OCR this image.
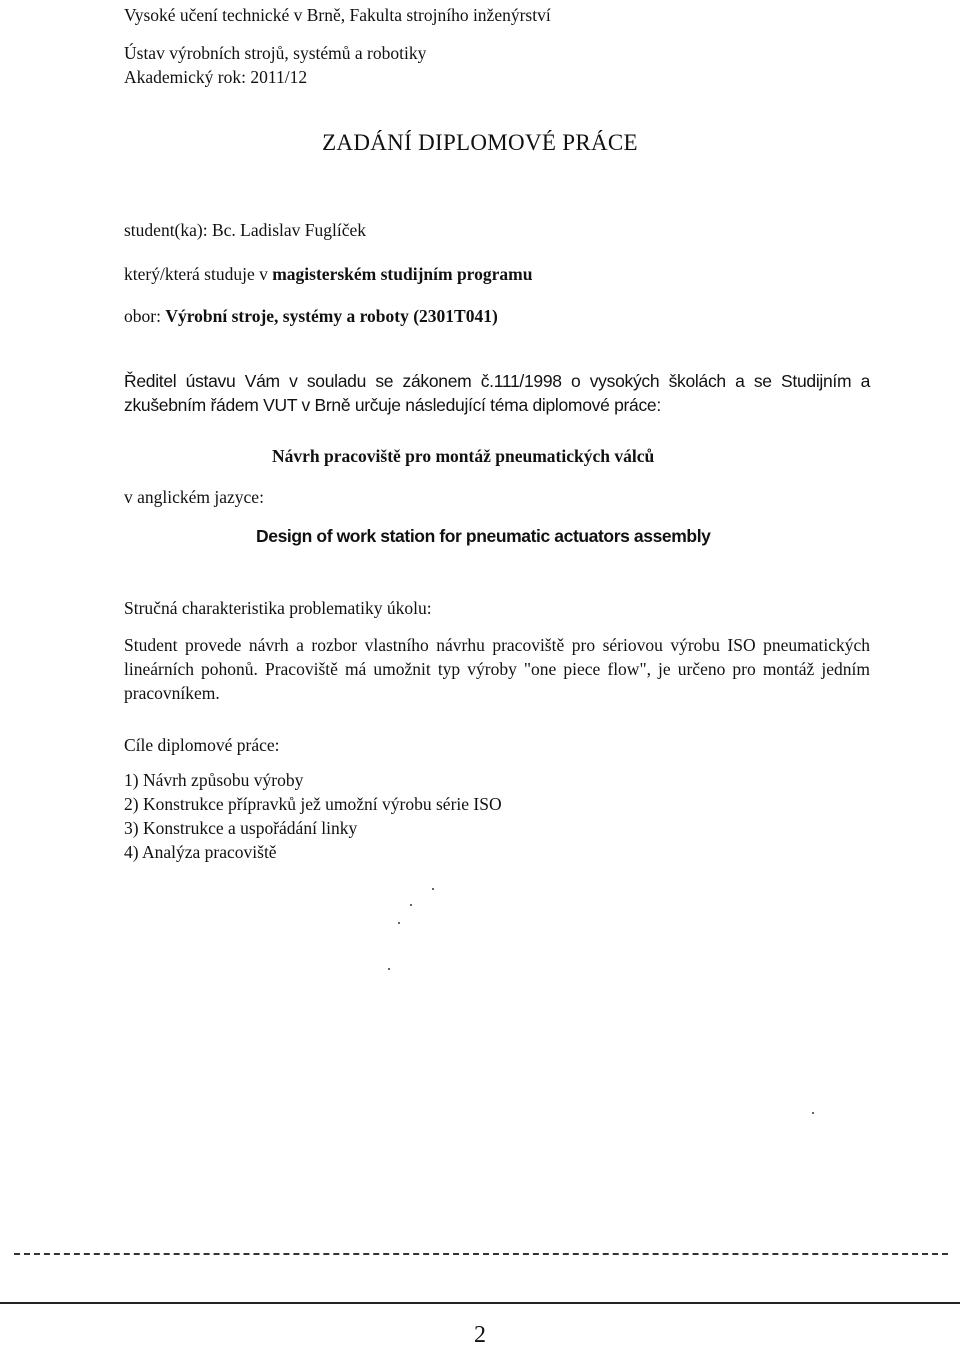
Vysoké učení technické v Brně, Fakulta strojního inženýrství
Ústav výrobních strojů, systémů a robotiky
Akademický rok: 2011/12
ZADÁNÍ DIPLOMOVÉ PRÁCE
student(ka): Bc. Ladislav Fuglíček
který/která studuje v magisterském studijním programu
obor: Výrobní stroje, systémy a roboty (2301T041)
Ředitel ústavu Vám v souladu se zákonem č.111/1998 o vysokých školách a se Studijním a zkušebním řádem VUT v Brně určuje následující téma diplomové práce:
Návrh pracoviště pro montáž pneumatických válců
v anglickém jazyce:
Design of work station for pneumatic actuators assembly
Stručná charakteristika problematiky úkolu:
Student provede návrh a rozbor vlastního návrhu pracoviště pro sériovou výrobu ISO pneumatických lineárních pohonů. Pracoviště má umožnit typ výroby "one piece flow", je určeno pro montáž jedním pracovníkem.
Cíle diplomové práce:
1) Návrh způsobu výroby
2) Konstrukce přípravků jež umožní výrobu série ISO
3) Konstrukce a uspořádání linky
4) Analýza pracoviště
2
